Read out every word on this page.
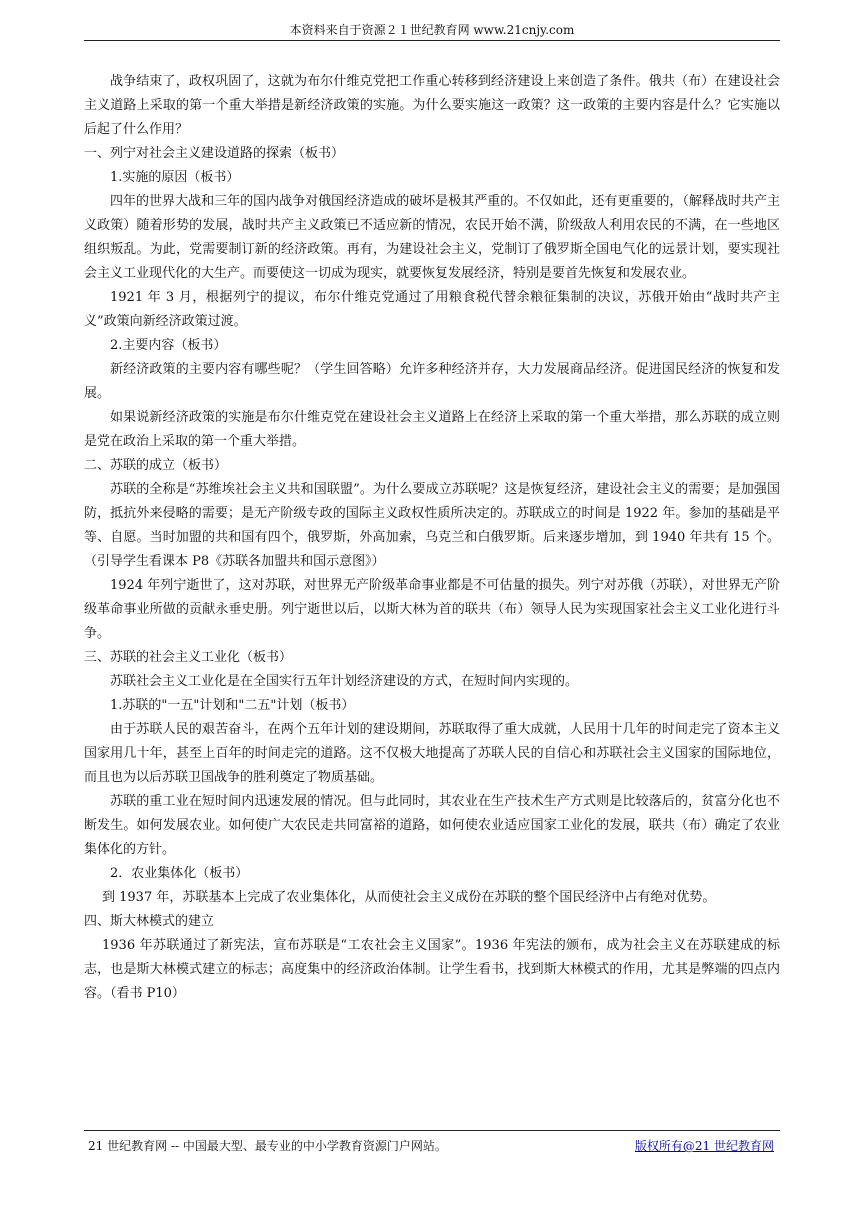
本资料来自于资源２１世纪教育网 www.21cnjy.com

战争结束了，政权巩固了，这就为布尔什维克党把工作重心转移到经济建设上来创造了条件。俄共（布）在建设社会主义道路上采取的第一个重大举措是新经济政策的实施。为什么要实施这一政策？这一政策的主要内容是什么？它实施以后起了什么作用？

一、列宁对社会主义建设道路的探索（板书）

1.实施的原因（板书）

四年的世界大战和三年的国内战争对俄国经济造成的破坏是极其严重的。不仅如此，还有更重要的，（解释战时共产主义政策）随着形势的发展，战时共产主义政策已不适应新的情况，农民开始不满，阶级敌人利用农民的不满，在一些地区组织叛乱。为此，党需要制订新的经济政策。再有，为建设社会主义，党制订了俄罗斯全国电气化的远景计划，要实现社会主义工业现代化的大生产。而要使这一切成为现实，就要恢复发展经济，特别是要首先恢复和发展农业。

1921 年 3 月，根据列宁的提议，布尔什维克党通过了用粮食税代替余粮征集制的决议，苏俄开始由“战时共产主义”政策向新经济政策过渡。

2.主要内容（板书）

新经济政策的主要内容有哪些呢？（学生回答略）允许多种经济并存，大力发展商品经济。促进国民经济的恢复和发展。

如果说新经济政策的实施是布尔什维克党在建设社会主义道路上在经济上采取的第一个重大举措，那么苏联的成立则是党在政治上采取的第一个重大举措。

二、苏联的成立（板书）

苏联的全称是“苏维埃社会主义共和国联盟”。为什么要成立苏联呢？这是恢复经济，建设社会主义的需要；是加强国防，抵抗外来侵略的需要；是无产阶级专政的国际主义政权性质所决定的。苏联成立的时间是 1922 年。参加的基础是平等、自愿。当时加盟的共和国有四个，俄罗斯，外高加索，乌克兰和白俄罗斯。后来逐步增加，到 1940 年共有 15 个。（引导学生看课本 P8《苏联各加盟共和国示意图》）

1924 年列宁逝世了，这对苏联，对世界无产阶级革命事业都是不可估量的损失。列宁对苏俄（苏联），对世界无产阶级革命事业所做的贡献永垂史册。列宁逝世以后，以斯大林为首的联共（布）领导人民为实现国家社会主义工业化进行斗争。

三、苏联的社会主义工业化（板书）

苏联社会主义工业化是在全国实行五年计划经济建设的方式，在短时间内实现的。

1.苏联的"一五"计划和"二五"计划（板书）

由于苏联人民的艰苦奋斗，在两个五年计划的建设期间，苏联取得了重大成就，人民用十几年的时间走完了资本主义国家用几十年，甚至上百年的时间走完的道路。这不仅极大地提高了苏联人民的自信心和苏联社会主义国家的国际地位，而且也为以后苏联卫国战争的胜利奠定了物质基础。

苏联的重工业在短时间内迅速发展的情况。但与此同时，其农业在生产技术生产方式则是比较落后的，贫富分化也不断发生。如何发展农业。如何使广大农民走共同富裕的道路，如何使农业适应国家工业化的发展，联共（布）确定了农业集体化的方针。

2．农业集体化（板书）

到 1937 年，苏联基本上完成了农业集体化，从而使社会主义成份在苏联的整个国民经济中占有绝对优势。

四、斯大林模式的建立

1936 年苏联通过了新宪法，宣布苏联是“工农社会主义国家”。1936 年宪法的颁布，成为社会主义在苏联建成的标志，也是斯大林模式建立的标志；高度集中的经济政治体制。让学生看书，找到斯大林模式的作用，尤其是弊端的四点内容。（看书 P10）

21 世纪教育网 -- 中国最大型、最专业的中小学教育资源门户网站。	版权所有@21 世纪教育网
